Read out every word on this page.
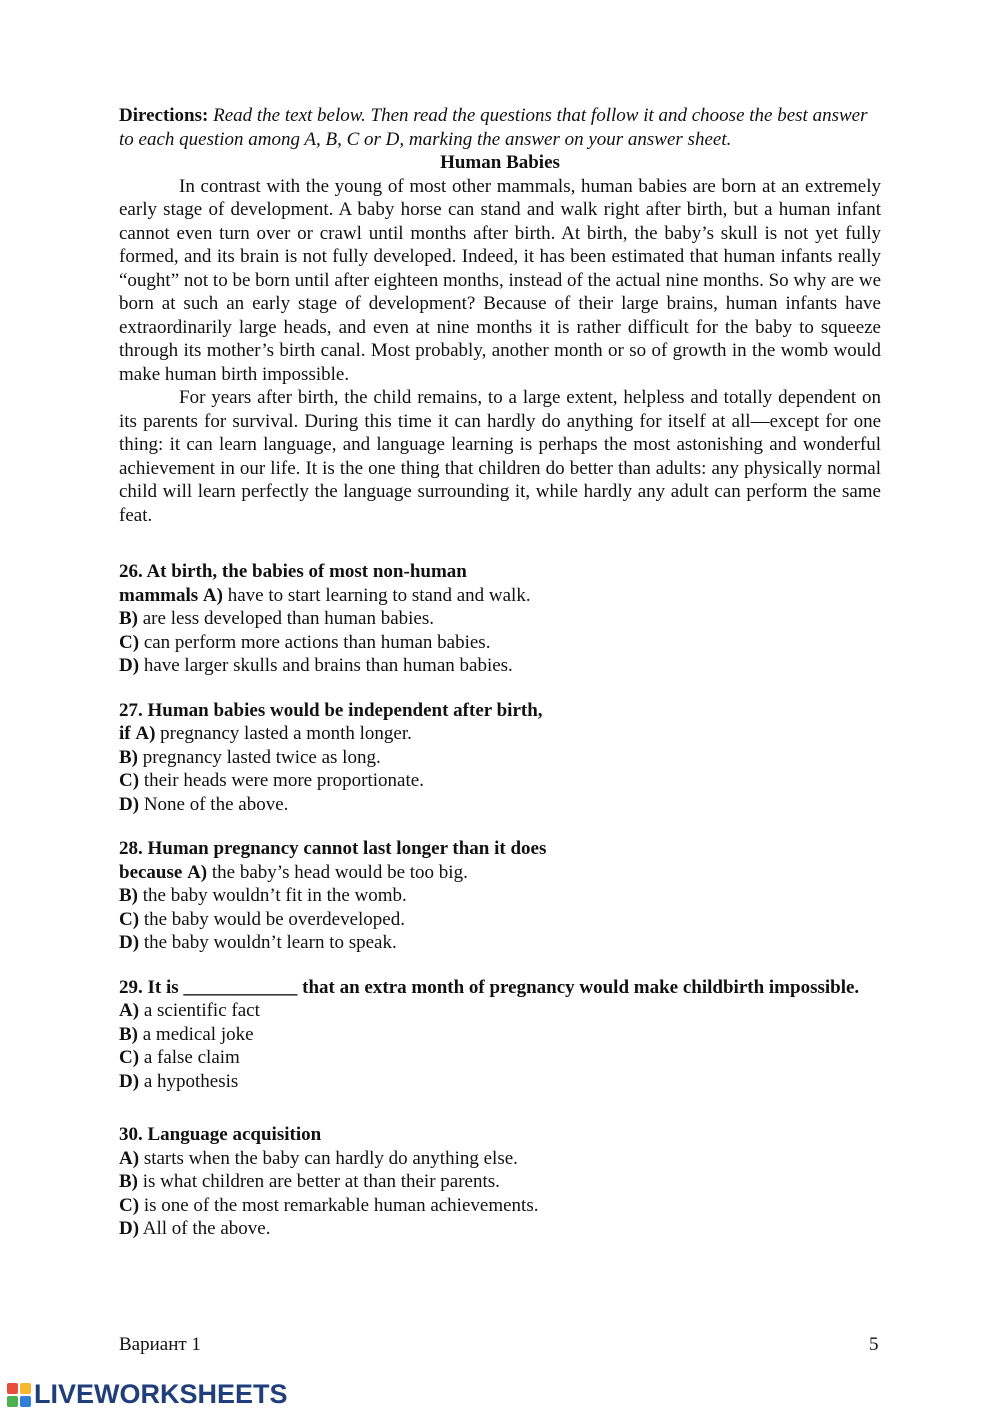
Directions: Read the text below. Then read the questions that follow it and choose the best answer to each question among A, B, C or D, marking the answer on your answer sheet.

Human Babies

In contrast with the young of most other mammals, human babies are born at an extremely early stage of development. A baby horse can stand and walk right after birth, but a human infant cannot even turn over or crawl until months after birth. At birth, the baby’s skull is not yet fully formed, and its brain is not fully developed. Indeed, it has been estimated that human infants really “ought” not to be born until after eighteen months, instead of the actual nine months. So why are we born at such an early stage of development? Because of their large brains, human infants have extraordinarily large heads, and even at nine months it is rather difficult for the baby to squeeze through its mother’s birth canal. Most probably, another month or so of growth in the womb would make human birth impossible.

For years after birth, the child remains, to a large extent, helpless and totally dependent on its parents for survival. During this time it can hardly do anything for itself at all—except for one thing: it can learn language, and language learning is perhaps the most astonishing and wonderful achievement in our life. It is the one thing that children do better than adults: any physically normal child will learn perfectly the language surrounding it, while hardly any adult can perform the same feat.

26. At birth, the babies of most non-human

mammals A) have to start learning to stand and walk.

B) are less developed than human babies.

C) can perform more actions than human babies.

D) have larger skulls and brains than human babies.

27. Human babies would be independent after birth,

if A) pregnancy lasted a month longer.

B) pregnancy lasted twice as long.

C) their heads were more proportionate.

D) None of the above.

28. Human pregnancy cannot last longer than it does

because A) the baby’s head would be too big.

B) the baby wouldn’t fit in the womb.

C) the baby would be overdeveloped.

D) the baby wouldn’t learn to speak.

29. It is ____________ that an extra month of pregnancy would make childbirth impossible.

A) a scientific fact

B) a medical joke

C) a false claim

D) a hypothesis

30. Language acquisition

A) starts when the baby can hardly do anything else.

B) is what children are better at than their parents.

C) is one of the most remarkable human achievements.

D) All of the above.

Вариант 1	5
LIVEWORKSHEETS
